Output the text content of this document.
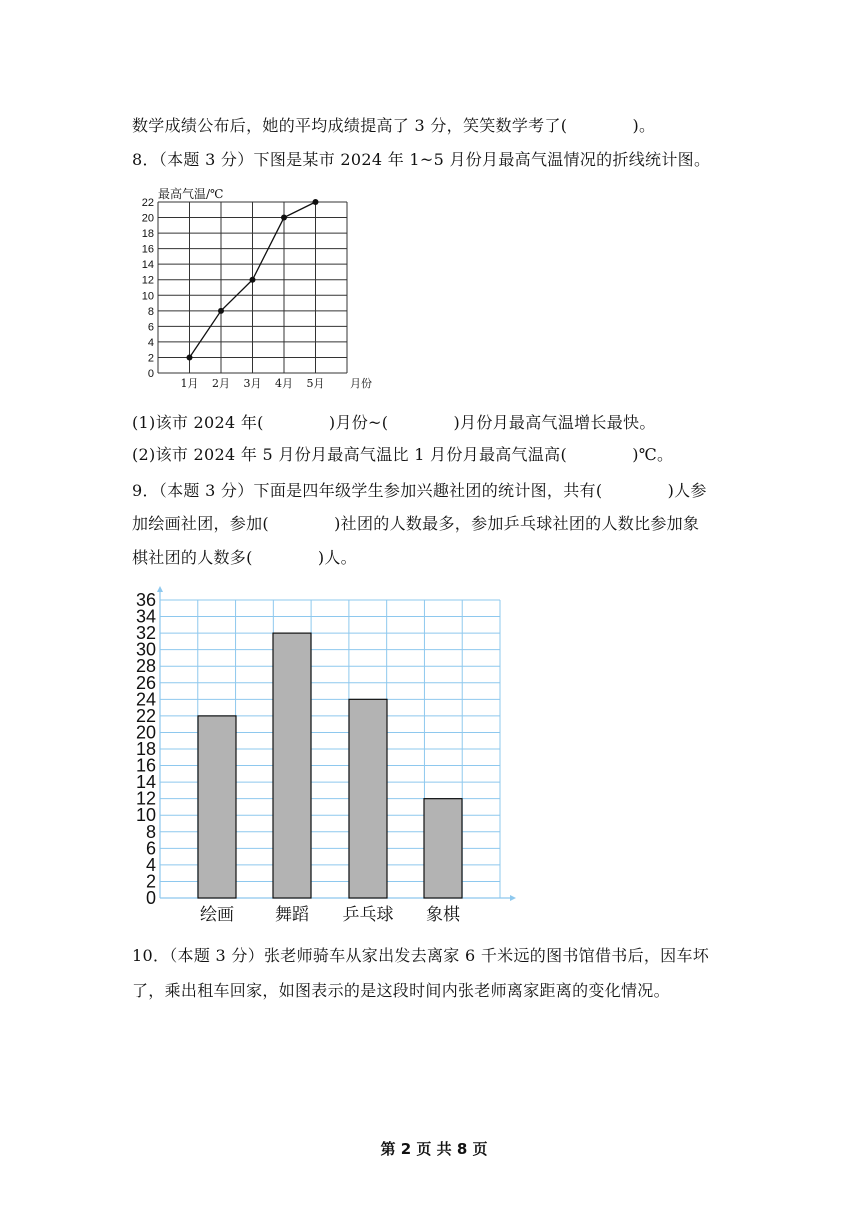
数学成绩公布后，她的平均成绩提高了 3 分，笑笑数学考了(　　　　)。
8．（本题 3 分）下图是某市 2024 年 1~5 月份月最高气温情况的折线统计图。
0
2
4
6
8
10
12
14
16
18
20
22
最高气温/℃
1月 2月 3月 4月 5月 月份
(1)该市 2024 年(　　　　)月份~(　　　　)月份月最高气温增长最快。
(2)该市 2024 年 5 月份月最高气温比 1 月份月最高气温高(　　　　)℃。
9．（本题 3 分）下面是四年级学生参加兴趣社团的统计图，共有(　　　　)人参
加绘画社团，参加(　　　　)社团的人数最多，参加乒乓球社团的人数比参加象
棋社团的人数多(　　　　)人。
0
2
4
6
8
10
12
14
16
18
20
22
24
26
28
30
32
34
36
绘画 舞蹈 乒乓球 象棋
10．（本题 3 分）张老师骑车从家出发去离家 6 千米远的图书馆借书后，因车坏
了，乘出租车回家，如图表示的是这段时间内张老师离家距离的变化情况。
第 2 页 共 8 页
